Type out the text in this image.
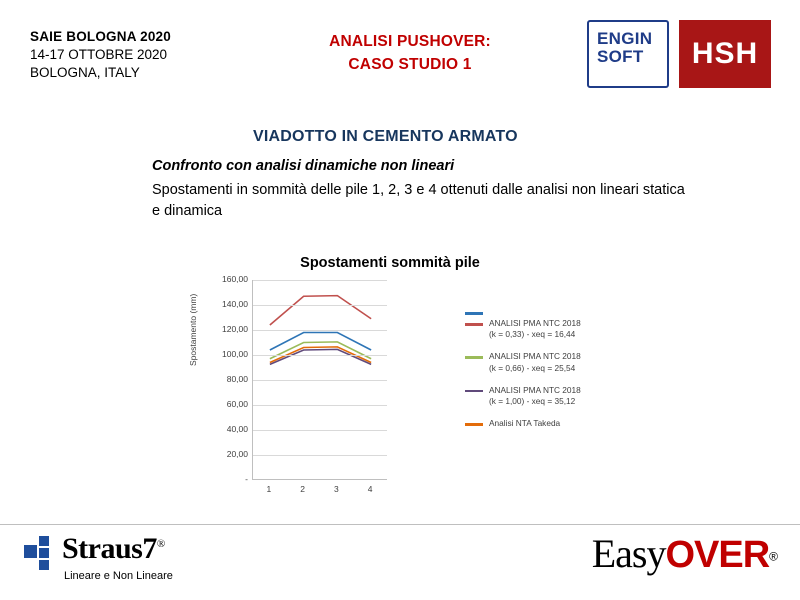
SAIE BOLOGNA 2020
14-17 OTTOBRE 2020
BOLOGNA, ITALY
ANALISI PUSHOVER:
CASO STUDIO 1
ENGIN
SOFT	HSH
VIADOTTO IN CEMENTO ARMATO
Confronto con analisi dinamiche non lineari
Spostamenti in sommità delle pile 1, 2, 3 e 4 ottenuti dalle analisi non lineari statica e dinamica
Spostamenti sommità pile
Spostamento (mm)
160,00
140,00
120,00
100,00
80,00
60,00
40,00
20,00
-
1	2	3	4
ANALISI PMA NTC 2018
(k = 0,33) - xeq = 16,44
ANALISI PMA NTC 2018
(k = 0,66) - xeq = 25,54
ANALISI PMA NTC 2018
(k = 1,00) - xeq = 35,12
Analisi NTA Takeda
Straus7®
Lineare e Non Lineare	EasyOVER®
